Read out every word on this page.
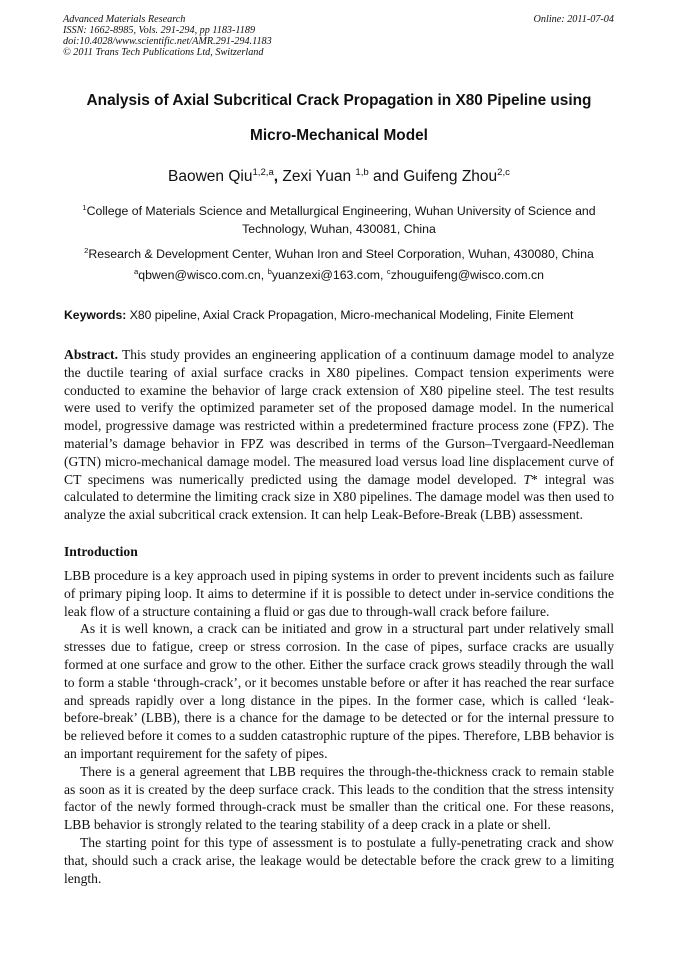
Advanced Materials Research
ISSN: 1662-8985, Vols. 291-294, pp 1183-1189
doi:10.4028/www.scientific.net/AMR.291-294.1183
© 2011 Trans Tech Publications Ltd, Switzerland
Online: 2011-07-04
Analysis of Axial Subcritical Crack Propagation in X80 Pipeline using
Micro-Mechanical Model
Baowen Qiu$^{1,2,a}$, Zexi Yuan $^{1,b}$ and Guifeng Zhou$^{2,c}$
$^1$College of Materials Science and Metallurgical Engineering, Wuhan University of Science and Technology, Wuhan, 430081, China
$^2$Research & Development Center, Wuhan Iron and Steel Corporation, Wuhan, 430080, China
$^a$qbwen@wisco.com.cn, $^b$yuanzexi@163.com, $^c$zhouguifeng@wisco.com.cn
Keywords: X80 pipeline, Axial Crack Propagation, Micro-mechanical Modeling, Finite Element
Abstract. This study provides an engineering application of a continuum damage model to analyze the ductile tearing of axial surface cracks in X80 pipelines. Compact tension experiments were conducted to examine the behavior of large crack extension of X80 pipeline steel. The test results were used to verify the optimized parameter set of the proposed damage model. In the numerical model, progressive damage was restricted within a predetermined fracture process zone (FPZ). The material’s damage behavior in FPZ was described in terms of the Gurson–Tvergaard-Needleman (GTN) micro-mechanical damage model. The measured load versus load line displacement curve of CT specimens was numerically predicted using the damage model developed. T* integral was calculated to determine the limiting crack size in X80 pipelines. The damage model was then used to analyze the axial subcritical crack extension. It can help Leak-Before-Break (LBB) assessment.
Introduction

LBB procedure is a key approach used in piping systems in order to prevent incidents such as failure of primary piping loop. It aims to determine if it is possible to detect under in-service conditions the leak flow of a structure containing a fluid or gas due to through-wall crack before failure.

As it is well known, a crack can be initiated and grow in a structural part under relatively small stresses due to fatigue, creep or stress corrosion. In the case of pipes, surface cracks are usually formed at one surface and grow to the other. Either the surface crack grows steadily through the wall to form a stable ‘through-crack’, or it becomes unstable before or after it has reached the rear surface and spreads rapidly over a long distance in the pipes. In the former case, which is called ‘leak-before-break’ (LBB), there is a chance for the damage to be detected or for the internal pressure to be relieved before it comes to a sudden catastrophic rupture of the pipes. Therefore, LBB behavior is an important requirement for the safety of pipes.

There is a general agreement that LBB requires the through-the-thickness crack to remain stable as soon as it is created by the deep surface crack. This leads to the condition that the stress intensity factor of the newly formed through-crack must be smaller than the critical one. For these reasons, LBB behavior is strongly related to the tearing stability of a deep crack in a plate or shell.

The starting point for this type of assessment is to postulate a fully-penetrating crack and show that, should such a crack arise, the leakage would be detectable before the crack grew to a limiting length.
